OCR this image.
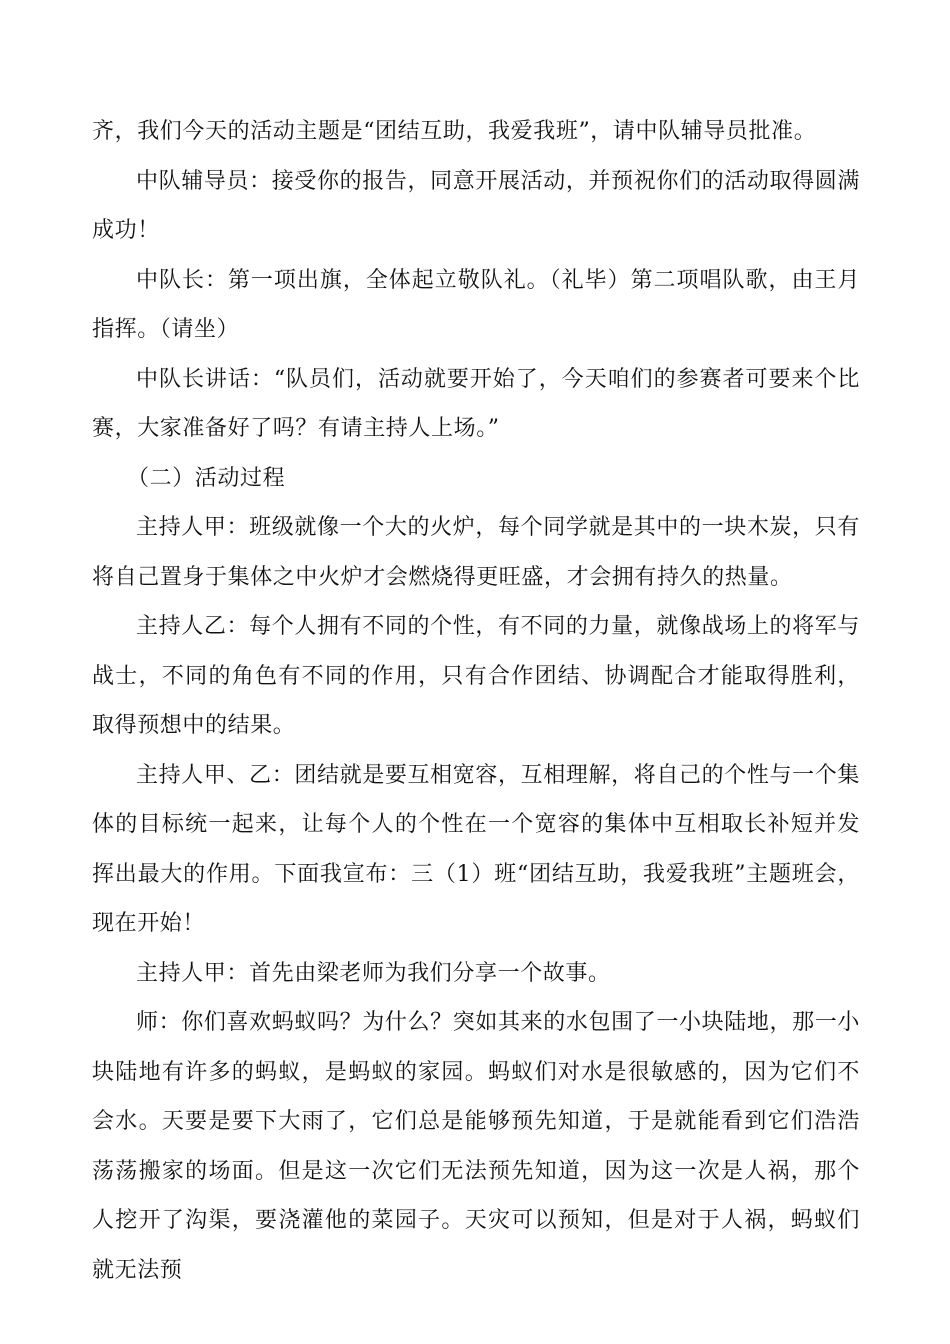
齐，我们今天的活动主题是“团结互助，我爱我班”，请中队辅导员批准。

中队辅导员：接受你的报告，同意开展活动，并预祝你们的活动取得圆满成功！

中队长：第一项出旗，全体起立敬队礼。（礼毕）第二项唱队歌，由王月指挥。（请坐）

中队长讲话：“队员们，活动就要开始了，今天咱们的参赛者可要来个比赛，大家准备好了吗？有请主持人上场。”

（二）活动过程

主持人甲：班级就像一个大的火炉，每个同学就是其中的一块木炭，只有将自己置身于集体之中火炉才会燃烧得更旺盛，才会拥有持久的热量。

主持人乙：每个人拥有不同的个性，有不同的力量，就像战场上的将军与战士，不同的角色有不同的作用，只有合作团结、协调配合才能取得胜利，取得预想中的结果。

主持人甲、乙：团结就是要互相宽容，互相理解，将自己的个性与一个集体的目标统一起来，让每个人的个性在一个宽容的集体中互相取长补短并发挥出最大的作用。下面我宣布：三（1）班“团结互助，我爱我班”主题班会，现在开始！

主持人甲：首先由梁老师为我们分享一个故事。

师：你们喜欢蚂蚁吗？为什么？突如其来的水包围了一小块陆地，那一小块陆地有许多的蚂蚁，是蚂蚁的家园。蚂蚁们对水是很敏感的，因为它们不会水。天要是要下大雨了，它们总是能够预先知道，于是就能看到它们浩浩荡荡搬家的场面。但是这一次它们无法预先知道，因为这一次是人祸，那个人挖开了沟渠，要浇灌他的菜园子。天灾可以预知，但是对于人祸，蚂蚁们就无法预
